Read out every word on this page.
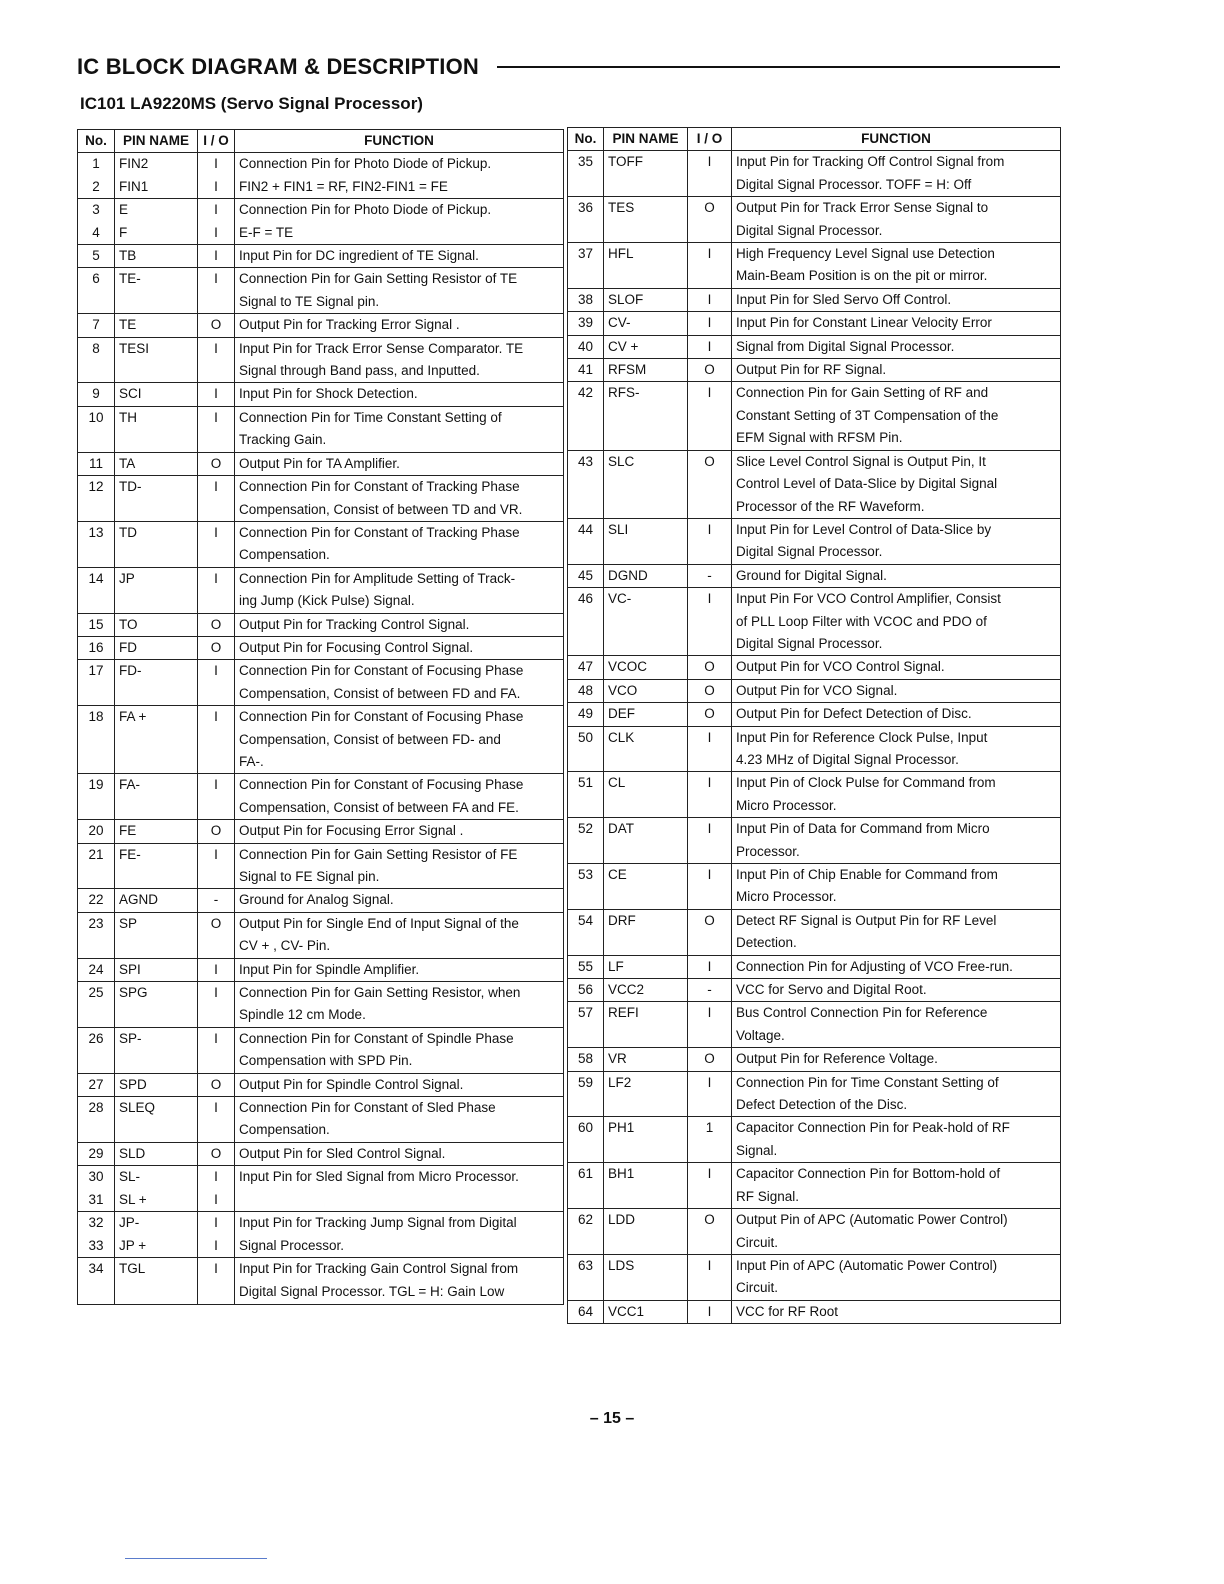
IC BLOCK DIAGRAM & DESCRIPTION
IC101 LA9220MS (Servo Signal Processor)
No.	PIN NAME	I / O	FUNCTION
1	FIN2	I	Connection Pin for Photo Diode of Pickup.
2	FIN1	I	FIN2 + FIN1 = RF, FIN2-FIN1 = FE
3	E	I	Connection Pin for Photo Diode of Pickup.
4	F	I	E-F = TE
5	TB	I	Input Pin for DC ingredient of TE Signal.
6	TE-	I	Connection Pin for Gain Setting Resistor of TE
			Signal to TE Signal pin.
7	TE	O	Output Pin for Tracking Error Signal .
8	TESI	I	Input Pin for Track Error Sense Comparator. TE
			Signal through Band pass, and Inputted.
9	SCI	I	Input Pin for Shock Detection.
10	TH	I	Connection Pin for Time Constant Setting of
			Tracking Gain.
11	TA	O	Output Pin for TA Amplifier.
12	TD-	I	Connection Pin for Constant of Tracking Phase
			Compensation, Consist of between TD and VR.
13	TD	I	Connection Pin for Constant of Tracking Phase
			Compensation.
14	JP	I	Connection Pin for Amplitude Setting of Track-
			ing Jump (Kick Pulse) Signal.
15	TO	O	Output Pin for Tracking Control Signal.
16	FD	O	Output Pin for Focusing Control Signal.
17	FD-	I	Connection Pin for Constant of Focusing Phase
			Compensation, Consist of between FD and FA.
18	FA +	I	Connection Pin for Constant of Focusing Phase
			Compensation, Consist of between FD- and
			FA-.
19	FA-	I	Connection Pin for Constant of Focusing Phase
			Compensation, Consist of between FA and FE.
20	FE	O	Output Pin for Focusing Error Signal .
21	FE-	I	Connection Pin for Gain Setting Resistor of FE
			Signal to FE Signal pin.
22	AGND	-	Ground for Analog Signal.
23	SP	O	Output Pin for Single End of Input Signal of the
			CV + , CV- Pin.
24	SPI	I	Input Pin for Spindle Amplifier.
25	SPG	I	Connection Pin for Gain Setting Resistor, when
			Spindle 12 cm Mode.
26	SP-	I	Connection Pin for Constant of Spindle Phase
			Compensation with SPD Pin.
27	SPD	O	Output Pin for Spindle Control Signal.
28	SLEQ	I	Connection Pin for Constant of Sled Phase
			Compensation.
29	SLD	O	Output Pin for Sled Control Signal.
30	SL-	I	Input Pin for Sled Signal from Micro Processor.
31	SL +	I	
32	JP-	I	Input Pin for Tracking Jump Signal from Digital
33	JP +	I	Signal Processor.
34	TGL	I	Input Pin for Tracking Gain Control Signal from
			Digital Signal Processor. TGL = H: Gain Low
No.	PIN NAME	I / O	FUNCTION
35	TOFF	I	Input Pin for Tracking Off Control Signal from
			Digital Signal Processor. TOFF = H: Off
36	TES	O	Output Pin for Track Error Sense Signal to
			Digital Signal Processor.
37	HFL	I	High Frequency Level Signal use Detection
			Main-Beam Position is on the pit or mirror.
38	SLOF	I	Input Pin for Sled Servo Off Control.
39	CV-	I	Input Pin for Constant Linear Velocity Error
40	CV +	I	Signal from Digital Signal Processor.
41	RFSM	O	Output Pin for RF Signal.
42	RFS-	I	Connection Pin for Gain Setting of RF and
			Constant Setting of 3T Compensation of the
			EFM Signal with RFSM Pin.
43	SLC	O	Slice Level Control Signal is Output Pin, It
			Control Level of Data-Slice by Digital Signal
			Processor of the RF Waveform.
44	SLI	I	Input Pin for Level Control of Data-Slice by
			Digital Signal Processor.
45	DGND	-	Ground for Digital Signal.
46	VC-	I	Input Pin For VCO Control Amplifier, Consist
			of PLL Loop Filter with VCOC and PDO of
			Digital Signal Processor.
47	VCOC	O	Output Pin for VCO Control Signal.
48	VCO	O	Output Pin for VCO Signal.
49	DEF	O	Output Pin for Defect Detection of Disc.
50	CLK	I	Input Pin for Reference Clock Pulse, Input
			4.23 MHz of Digital Signal Processor.
51	CL	I	Input Pin of Clock Pulse for Command from
			Micro Processor.
52	DAT	I	Input Pin of Data for Command from Micro
			Processor.
53	CE	I	Input Pin of Chip Enable for Command from
			Micro Processor.
54	DRF	O	Detect RF Signal is Output Pin for RF Level
			Detection.
55	LF	I	Connection Pin for Adjusting of VCO Free-run.
56	VCC2	-	VCC for Servo and Digital Root.
57	REFI	I	Bus Control Connection Pin for Reference
			Voltage.
58	VR	O	Output Pin for Reference Voltage.
59	LF2	I	Connection Pin for Time Constant Setting of
			Defect Detection of the Disc.
60	PH1	1	Capacitor Connection Pin for Peak-hold of RF
			Signal.
61	BH1	I	Capacitor Connection Pin for Bottom-hold of
			RF Signal.
62	LDD	O	Output Pin of APC (Automatic Power Control)
			Circuit.
63	LDS	I	Input Pin of APC (Automatic Power Control)
			Circuit.
64	VCC1	I	VCC for RF Root
– 15 –
